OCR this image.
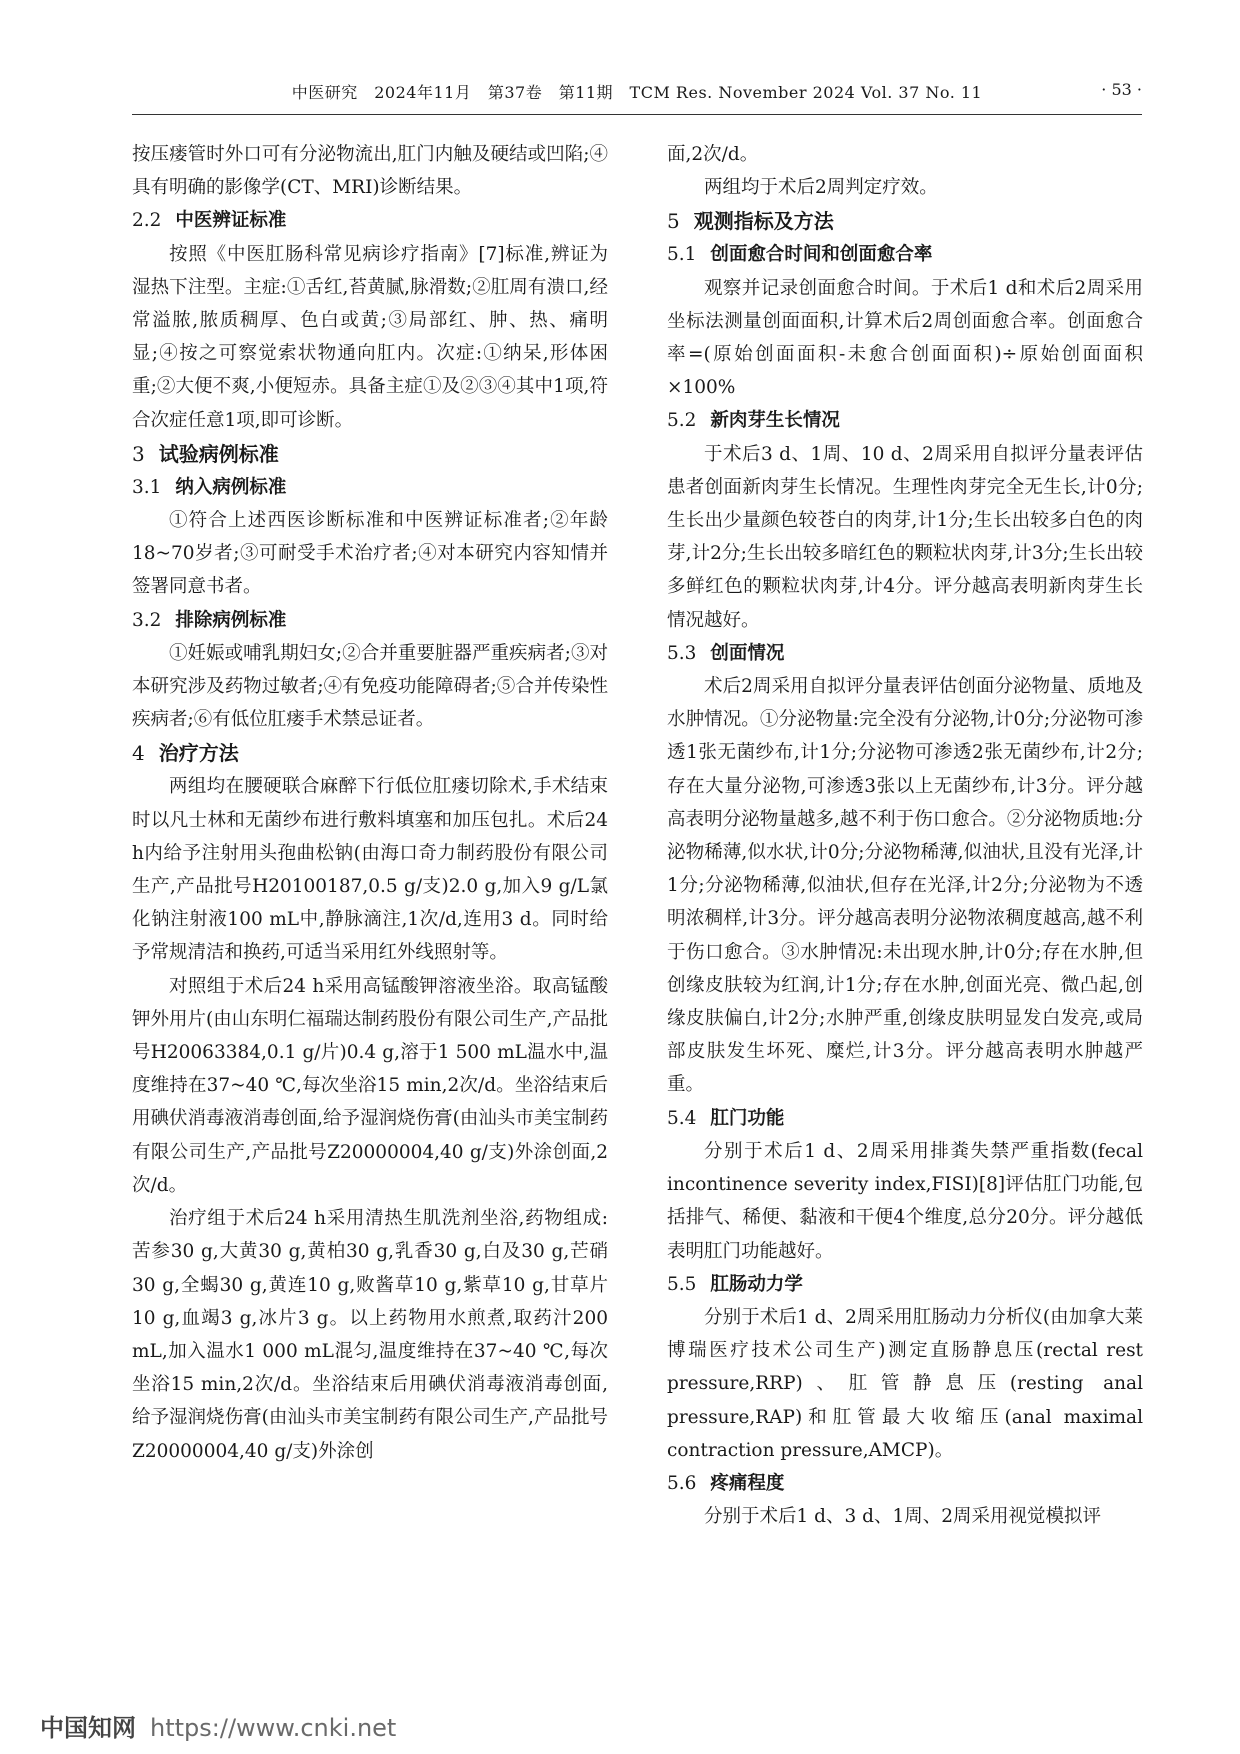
中医研究　2024年11月　第37卷　第11期　TCM Res. November 2024 Vol. 37 No. 11	· 53 ·

按压瘘管时外口可有分泌物流出,肛门内触及硬结或凹陷;④具有明确的影像学(CT、MRI)诊断结果。

2.2 中医辨证标准

按照《中医肛肠科常见病诊疗指南》[7]标准,辨证为湿热下注型。主症:①舌红,苔黄腻,脉滑数;②肛周有溃口,经常溢脓,脓质稠厚、色白或黄;③局部红、肿、热、痛明显;④按之可察觉索状物通向肛内。次症:①纳呆,形体困重;②大便不爽,小便短赤。具备主症①及②③④其中1项,符合次症任意1项,即可诊断。

3 试验病例标准
3.1 纳入病例标准

①符合上述西医诊断标准和中医辨证标准者;②年龄18~70岁者;③可耐受手术治疗者;④对本研究内容知情并签署同意书者。

3.2 排除病例标准

①妊娠或哺乳期妇女;②合并重要脏器严重疾病者;③对本研究涉及药物过敏者;④有免疫功能障碍者;⑤合并传染性疾病者;⑥有低位肛瘘手术禁忌证者。

4 治疗方法

两组均在腰硬联合麻醉下行低位肛瘘切除术,手术结束时以凡士林和无菌纱布进行敷料填塞和加压包扎。术后24 h内给予注射用头孢曲松钠(由海口奇力制药股份有限公司生产,产品批号H20100187,0.5 g/支)2.0 g,加入9 g/L氯化钠注射液100 mL中,静脉滴注,1次/d,连用3 d。同时给予常规清洁和换药,可适当采用红外线照射等。

对照组于术后24 h采用高锰酸钾溶液坐浴。取高锰酸钾外用片(由山东明仁福瑞达制药股份有限公司生产,产品批号H20063384,0.1 g/片)0.4 g,溶于1 500 mL温水中,温度维持在37~40 ℃,每次坐浴15 min,2次/d。坐浴结束后用碘伏消毒液消毒创面,给予湿润烧伤膏(由汕头市美宝制药有限公司生产,产品批号Z20000004,40 g/支)外涂创面,2次/d。

治疗组于术后24 h采用清热生肌洗剂坐浴,药物组成:苦参30 g,大黄30 g,黄柏30 g,乳香30 g,白及30 g,芒硝30 g,全蝎30 g,黄连10 g,败酱草10 g,紫草10 g,甘草片10 g,血竭3 g,冰片3 g。以上药物用水煎煮,取药汁200 mL,加入温水1 000 mL混匀,温度维持在37~40 ℃,每次坐浴15 min,2次/d。坐浴结束后用碘伏消毒液消毒创面,给予湿润烧伤膏(由汕头市美宝制药有限公司生产,产品批号Z20000004,40 g/支)外涂创

面,2次/d。

两组均于术后2周判定疗效。

5 观测指标及方法
5.1 创面愈合时间和创面愈合率

观察并记录创面愈合时间。于术后1 d和术后2周采用坐标法测量创面面积,计算术后2周创面愈合率。创面愈合率=(原始创面面积-未愈合创面面积)÷原始创面面积×100%

5.2 新肉芽生长情况

于术后3 d、1周、10 d、2周采用自拟评分量表评估患者创面新肉芽生长情况。生理性肉芽完全无生长,计0分;生长出少量颜色较苍白的肉芽,计1分;生长出较多白色的肉芽,计2分;生长出较多暗红色的颗粒状肉芽,计3分;生长出较多鲜红色的颗粒状肉芽,计4分。评分越高表明新肉芽生长情况越好。

5.3 创面情况

术后2周采用自拟评分量表评估创面分泌物量、质地及水肿情况。①分泌物量:完全没有分泌物,计0分;分泌物可渗透1张无菌纱布,计1分;分泌物可渗透2张无菌纱布,计2分;存在大量分泌物,可渗透3张以上无菌纱布,计3分。评分越高表明分泌物量越多,越不利于伤口愈合。②分泌物质地:分泌物稀薄,似水状,计0分;分泌物稀薄,似油状,且没有光泽,计1分;分泌物稀薄,似油状,但存在光泽,计2分;分泌物为不透明浓稠样,计3分。评分越高表明分泌物浓稠度越高,越不利于伤口愈合。③水肿情况:未出现水肿,计0分;存在水肿,但创缘皮肤较为红润,计1分;存在水肿,创面光亮、微凸起,创缘皮肤偏白,计2分;水肿严重,创缘皮肤明显发白发亮,或局部皮肤发生坏死、糜烂,计3分。评分越高表明水肿越严重。

5.4 肛门功能

分别于术后1 d、2周采用排粪失禁严重指数(fecal incontinence severity index,FISI)[8]评估肛门功能,包括排气、稀便、黏液和干便4个维度,总分20分。评分越低表明肛门功能越好。

5.5 肛肠动力学

分别于术后1 d、2周采用肛肠动力分析仪(由加拿大莱博瑞医疗技术公司生产)测定直肠静息压(rectal rest pressure,RRP)、肛管静息压(resting anal pressure,RAP)和肛管最大收缩压(anal maximal contraction pressure,AMCP)。

5.6 疼痛程度

分别于术后1 d、3 d、1周、2周采用视觉模拟评

中国知网 https://www.cnki.net
